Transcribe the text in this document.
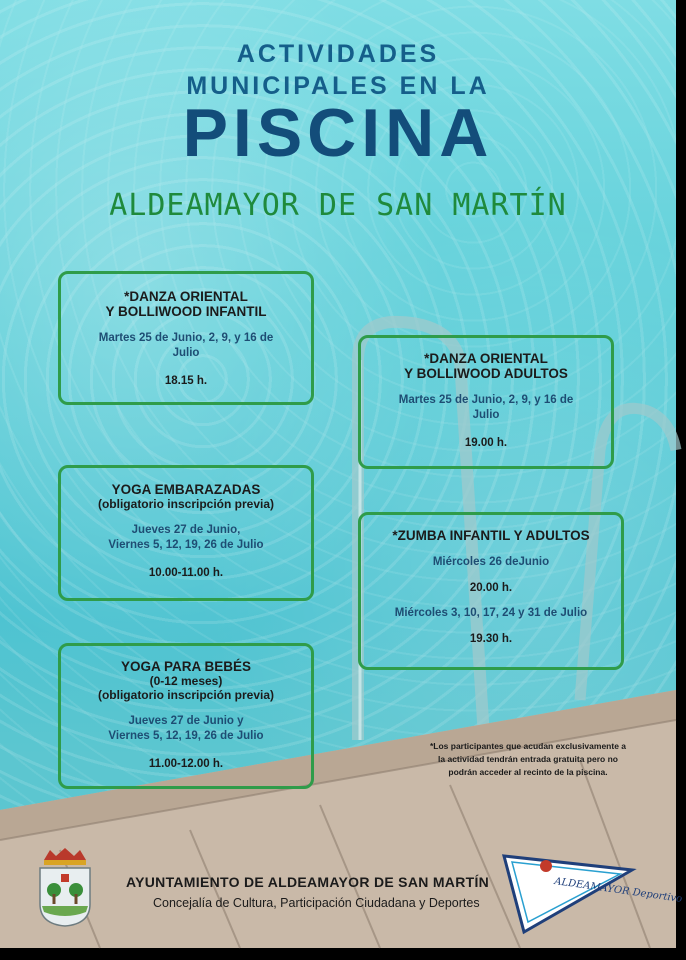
ACTIVIDADES
MUNICIPALES EN LA
PISCINA
ALDEAMAYOR DE SAN MARTÍN
*DANZA ORIENTAL
Y BOLLIWOOD INFANTIL
Martes 25 de Junio, 2, 9, y 16 de
Julio
18.15 h.
*DANZA ORIENTAL
Y BOLLIWOOD ADULTOS
Martes 25 de Junio, 2, 9, y 16 de
Julio
19.00 h.
YOGA EMBARAZADAS
(obligatorio inscripción previa)
Jueves 27 de Junio,
Viernes 5, 12, 19, 26 de Julio
10.00-11.00 h.
*ZUMBA INFANTIL Y ADULTOS
Miércoles 26 deJunio
20.00 h.
Miércoles 3, 10, 17, 24 y 31 de Julio
19.30 h.
YOGA PARA BEBÉS
(0-12 meses)
(obligatorio inscripción previa)
Jueves 27 de Junio y
Viernes 5, 12, 19, 26 de Julio
11.00-12.00 h.
*Los participantes que acudan exclusivamente a
la actividad tendrán entrada gratuita pero no
podrán acceder al recinto de la piscina.
AYUNTAMIENTO DE ALDEAMAYOR DE SAN MARTÍN
Concejalía de Cultura, Participación Ciudadana y Deportes	ALDEAMAYOR Deportivo
